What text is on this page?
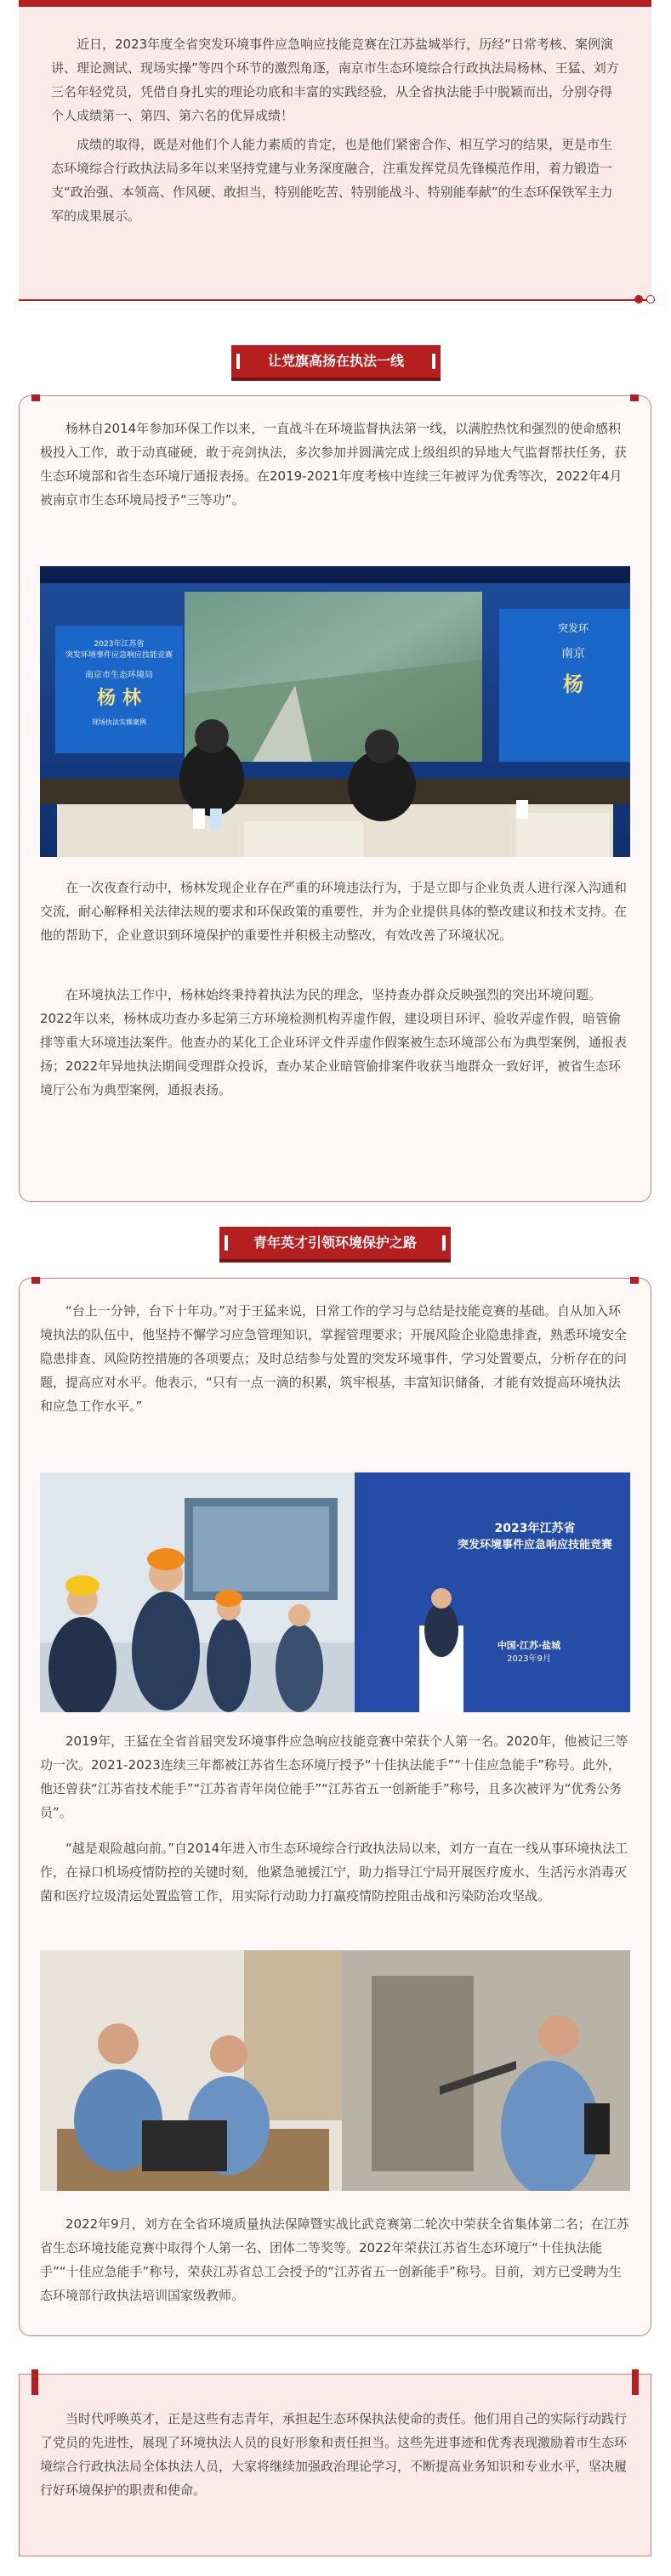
近日，2023年度全省突发环境事件应急响应技能竞赛在江苏盐城举行，历经“日常考核、案例演讲、理论测试、现场实操”等四个环节的激烈角逐，南京市生态环境综合行政执法局杨林、王猛、刘方三名年轻党员，凭借自身扎实的理论功底和丰富的实践经验，从全省执法能手中脱颖而出，分别夺得个人成绩第一、第四、第六名的优异成绩！

成绩的取得，既是对他们个人能力素质的肯定，也是他们紧密合作、相互学习的结果，更是市生态环境综合行政执法局多年以来坚持党建与业务深度融合，注重发挥党员先锋模范作用，着力锻造一支“政治强、本领高、作风硬、敢担当，特别能吃苦、特别能战斗、特别能奉献”的生态环保铁军主力军的成果展示。

让党旗高扬在执法一线

杨林自2014年参加环保工作以来，一直战斗在环境监督执法第一线，以满腔热忱和强烈的使命感积极投入工作，敢于动真碰硬，敢于亮剑执法，多次参加并圆满完成上级组织的异地大气监督帮扶任务，获生态环境部和省生态环境厅通报表扬。在2019-2021年度考核中连续三年被评为优秀等次，2022年4月被南京市生态环境局授予“三等功”。

2023年江苏省
突发环境事件应急响应技能竞赛
南京市生态环境局
杨 林
现场执法实操案例
突发环
南京
杨

在一次夜查行动中，杨林发现企业存在严重的环境违法行为，于是立即与企业负责人进行深入沟通和交流，耐心解释相关法律法规的要求和环保政策的重要性，并为企业提供具体的整改建议和技术支持。在他的帮助下，企业意识到环境保护的重要性并积极主动整改，有效改善了环境状况。

在环境执法工作中，杨林始终秉持着执法为民的理念，坚持查办群众反映强烈的突出环境问题。2022年以来，杨林成功查办多起第三方环境检测机构弄虚作假，建设项目环评、验收弄虚作假，暗管偷排等重大环境违法案件。他查办的某化工企业环评文件弄虚作假案被生态环境部公布为典型案例，通报表扬；2022年异地执法期间受理群众投诉，查办某企业暗管偷排案件收获当地群众一致好评，被省生态环境厅公布为典型案例，通报表扬。

青年英才引领环境保护之路

“台上一分钟，台下十年功。”对于王猛来说，日常工作的学习与总结是技能竞赛的基础。自从加入环境执法的队伍中，他坚持不懈学习应急管理知识，掌握管理要求；开展风险企业隐患排查，熟悉环境安全隐患排查、风险防控措施的各项要点；及时总结参与处置的突发环境事件，学习处置要点，分析存在的问题，提高应对水平。他表示，“只有一点一滴的积累，筑牢根基，丰富知识储备，才能有效提高环境执法和应急工作水平。”

2023年江苏省
突发环境事件应急响应技能竞赛
中国·江苏·盐城
2023年9月

2019年，王猛在全省首届突发环境事件应急响应技能竞赛中荣获个人第一名。2020年，他被记三等功一次。2021-2023连续三年都被江苏省生态环境厅授予“十佳执法能手”“十佳应急能手”称号。此外，他还曾获“江苏省技术能手”“江苏省青年岗位能手”“江苏省五一创新能手”称号，且多次被评为“优秀公务员”。

“越是艰险越向前。”自2014年进入市生态环境综合行政执法局以来，刘方一直在一线从事环境执法工作，在禄口机场疫情防控的关键时刻，他紧急驰援江宁，助力指导江宁局开展医疗废水、生活污水消毒灭菌和医疗垃圾清运处置监管工作，用实际行动助力打赢疫情防控阻击战和污染防治攻坚战。

2022年9月，刘方在全省环境质量执法保障暨实战比武竞赛第二轮次中荣获全省集体第二名；在江苏省生态环境技能竞赛中取得个人第一名、团体二等奖等。2022年荣获江苏省生态环境厅“十佳执法能手”“十佳应急能手”称号，荣获江苏省总工会授予的“江苏省五一创新能手”称号。目前，刘方已受聘为生态环境部行政执法培训国家级教师。

当时代呼唤英才，正是这些有志青年，承担起生态环保执法使命的责任。他们用自己的实际行动践行了党员的先进性，展现了环境执法人员的良好形象和责任担当。这些先进事迹和优秀表现激励着市生态环境综合行政执法局全体执法人员，大家将继续加强政治理论学习，不断提高业务知识和专业水平，坚决履行好环境保护的职责和使命。
